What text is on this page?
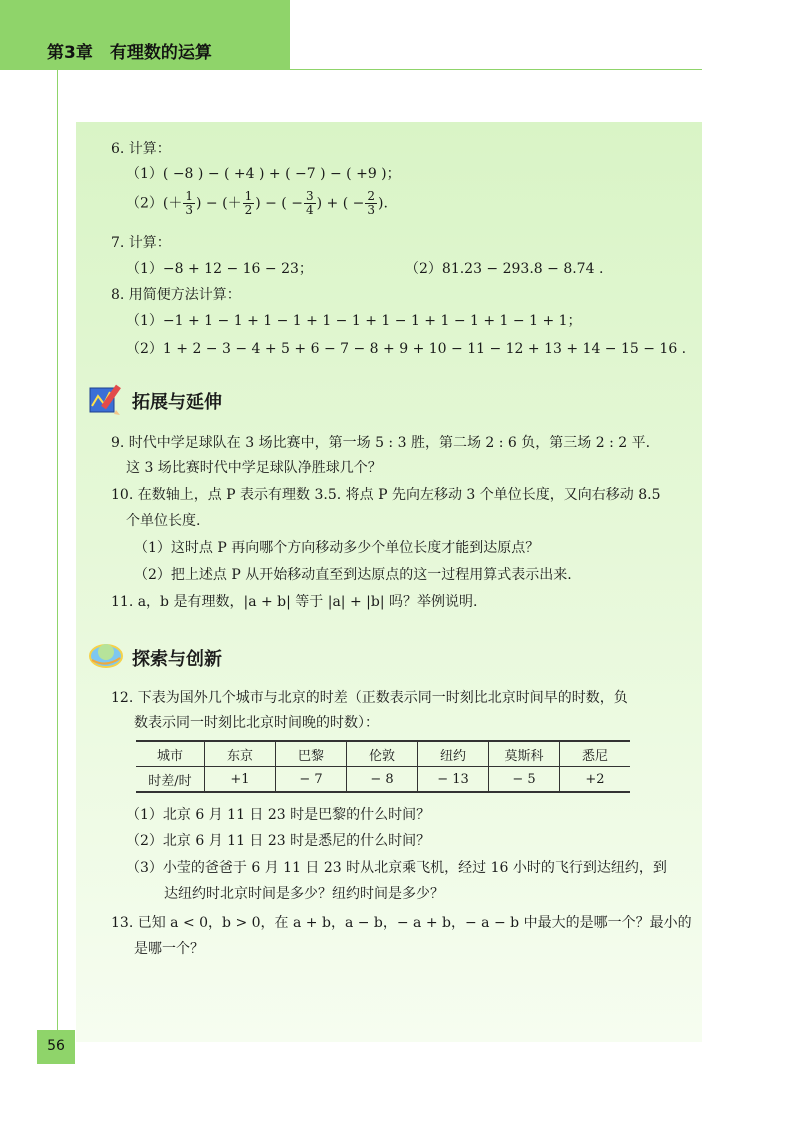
第3章　有理数的运算
6. 计算：
（1）( −8 ) − ( +4 ) + ( −7 ) − ( +9 )；
$(2)(+ \frac{1}{3}$ ) − (＋ $\frac{1}{2}$ ) − ( − $\frac{3}{4}$ ) + ( − $\frac{2}{3}$ ).
7. 计算：
（1）−8 + 12 − 16 − 23；	（2）81.23 − 293.8 − 8.74 .
8. 用简便方法计算：
（1）−1 + 1 − 1 + 1 − 1 + 1 − 1 + 1 − 1 + 1 − 1 + 1 − 1 + 1；
（2）1 + 2 − 3 − 4 + 5 + 6 − 7 − 8 + 9 + 10 − 11 − 12 + 13 + 14 − 15 − 16 .
拓展与延伸
9. 时代中学足球队在 3 场比赛中，第一场 5 : 3 胜，第二场 2 : 6 负，第三场 2 : 2 平.
这 3 场比赛时代中学足球队净胜球几个？
10. 在数轴上，点 P 表示有理数 3.5. 将点 P 先向左移动 3 个单位长度，又向右移动 8.5
个单位长度.
（1）这时点 P 再向哪个方向移动多少个单位长度才能到达原点？
（2）把上述点 P 从开始移动直至到达原点的这一过程用算式表示出来.
11. a，b 是有理数，|a + b| 等于 |a| + |b| 吗？举例说明.
探索与创新
12. 下表为国外几个城市与北京的时差（正数表示同一时刻比北京时间早的时数，负
数表示同一时刻比北京时间晚的时数）：
城市	东京	巴黎	伦敦	纽约	莫斯科	悉尼
时差/时	+1	− 7	− 8	− 13	− 5	+2
（1）北京 6 月 11 日 23 时是巴黎的什么时间？
（2）北京 6 月 11 日 23 时是悉尼的什么时间？
（3）小莹的爸爸于 6 月 11 日 23 时从北京乘飞机，经过 16 小时的飞行到达纽约，到
达纽约时北京时间是多少？纽约时间是多少？
13. 已知 a < 0，b > 0，在 a + b，a − b，− a + b，− a − b 中最大的是哪一个？最小的
是哪一个？
56
